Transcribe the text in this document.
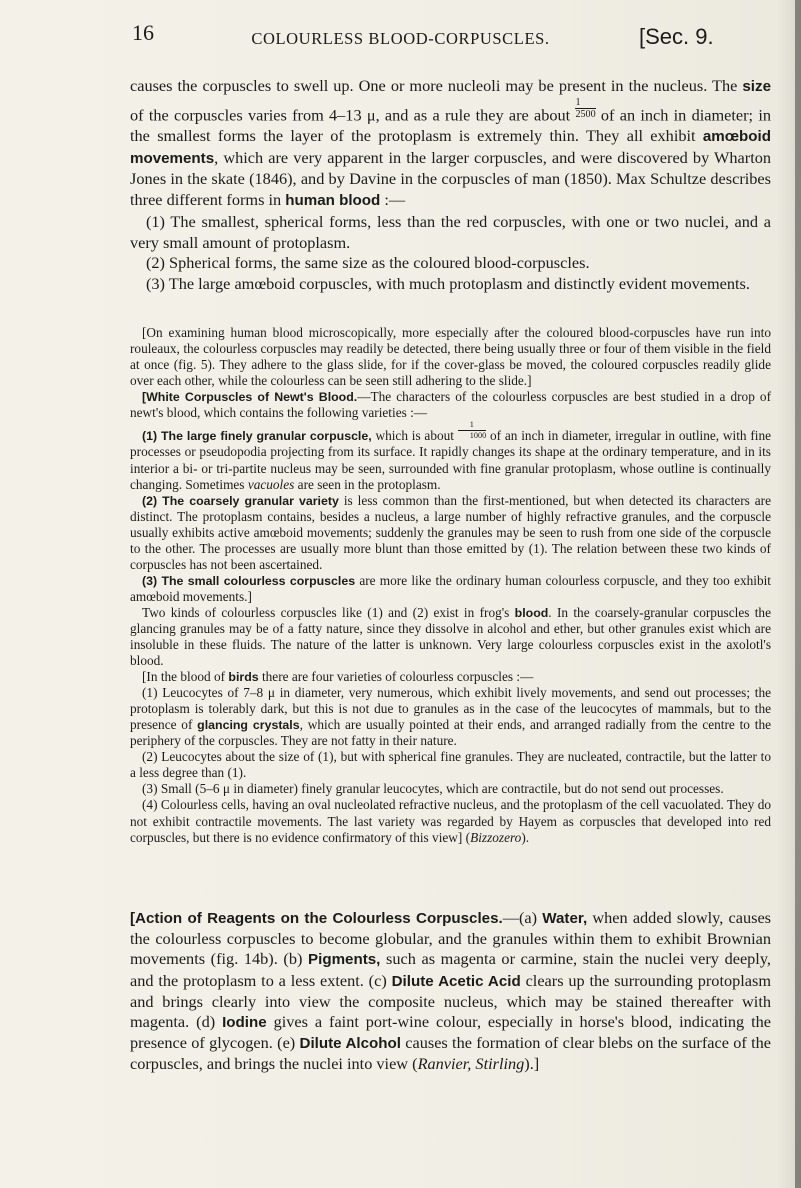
16	COLOURLESS BLOOD-CORPUSCLES.	[Sec. 9.

causes the corpuscles to swell up. One or more nucleoli may be present in the nucleus. The size of the corpuscles varies from 4–13 μ, and as a rule they are about 1
2500 of an inch in diameter; in the smallest forms the layer of the protoplasm is extremely thin. They all exhibit amœboid movements, which are very apparent in the larger corpuscles, and were discovered by Wharton Jones in the skate (1846), and by Davine in the corpuscles of man (1850). Max Schultze describes three different forms in human blood :—

(1) The smallest, spherical forms, less than the red corpuscles, with one or two nuclei, and a very small amount of protoplasm.

(2) Spherical forms, the same size as the coloured blood-corpuscles.

(3) The large amœboid corpuscles, with much protoplasm and distinctly evident movements.

[On examining human blood microscopically, more especially after the coloured blood-corpuscles have run into rouleaux, the colourless corpuscles may readily be detected, there being usually three or four of them visible in the field at once (fig. 5). They adhere to the glass slide, for if the cover-glass be moved, the coloured corpuscles readily glide over each other, while the colourless can be seen still adhering to the slide.]

[White Corpuscles of Newt's Blood.—The characters of the colourless corpuscles are best studied in a drop of newt's blood, which contains the following varieties :—

(1) The large finely granular corpuscle, which is about 1
1000 of an inch in diameter, irregular in outline, with fine processes or pseudopodia projecting from its surface. It rapidly changes its shape at the ordinary temperature, and in its interior a bi- or tri-partite nucleus may be seen, surrounded with fine granular protoplasm, whose outline is continually changing. Sometimes vacuoles are seen in the protoplasm.

(2) The coarsely granular variety is less common than the first-mentioned, but when detected its characters are distinct. The protoplasm contains, besides a nucleus, a large number of highly refractive granules, and the corpuscle usually exhibits active amœboid movements; suddenly the granules may be seen to rush from one side of the corpuscle to the other. The processes are usually more blunt than those emitted by (1). The relation between these two kinds of corpuscles has not been ascertained.

(3) The small colourless corpuscles are more like the ordinary human colourless corpuscle, and they too exhibit amœboid movements.]

Two kinds of colourless corpuscles like (1) and (2) exist in frog's blood. In the coarsely-granular corpuscles the glancing granules may be of a fatty nature, since they dissolve in alcohol and ether, but other granules exist which are insoluble in these fluids. The nature of the latter is unknown. Very large colourless corpuscles exist in the axolotl's blood.

[In the blood of birds there are four varieties of colourless corpuscles :—

(1) Leucocytes of 7–8 μ in diameter, very numerous, which exhibit lively movements, and send out processes; the protoplasm is tolerably dark, but this is not due to granules as in the case of the leucocytes of mammals, but to the presence of glancing crystals, which are usually pointed at their ends, and arranged radially from the centre to the periphery of the corpuscles. They are not fatty in their nature.

(2) Leucocytes about the size of (1), but with spherical fine granules. They are nucleated, contractile, but the latter to a less degree than (1).

(3) Small (5–6 μ in diameter) finely granular leucocytes, which are contractile, but do not send out processes.

(4) Colourless cells, having an oval nucleolated refractive nucleus, and the protoplasm of the cell vacuolated. They do not exhibit contractile movements. The last variety was regarded by Hayem as corpuscles that developed into red corpuscles, but there is no evidence confirmatory of this view] (Bizzozero).

[Action of Reagents on the Colourless Corpuscles.—(a) Water, when added slowly, causes the colourless corpuscles to become globular, and the granules within them to exhibit Brownian movements (fig. 14b). (b) Pigments, such as magenta or carmine, stain the nuclei very deeply, and the protoplasm to a less extent. (c) Dilute Acetic Acid clears up the surrounding protoplasm and brings clearly into view the composite nucleus, which may be stained thereafter with magenta. (d) Iodine gives a faint port-wine colour, especially in horse's blood, indicating the presence of glycogen. (e) Dilute Alcohol causes the formation of clear blebs on the surface of the corpuscles, and brings the nuclei into view (Ranvier, Stirling).]
